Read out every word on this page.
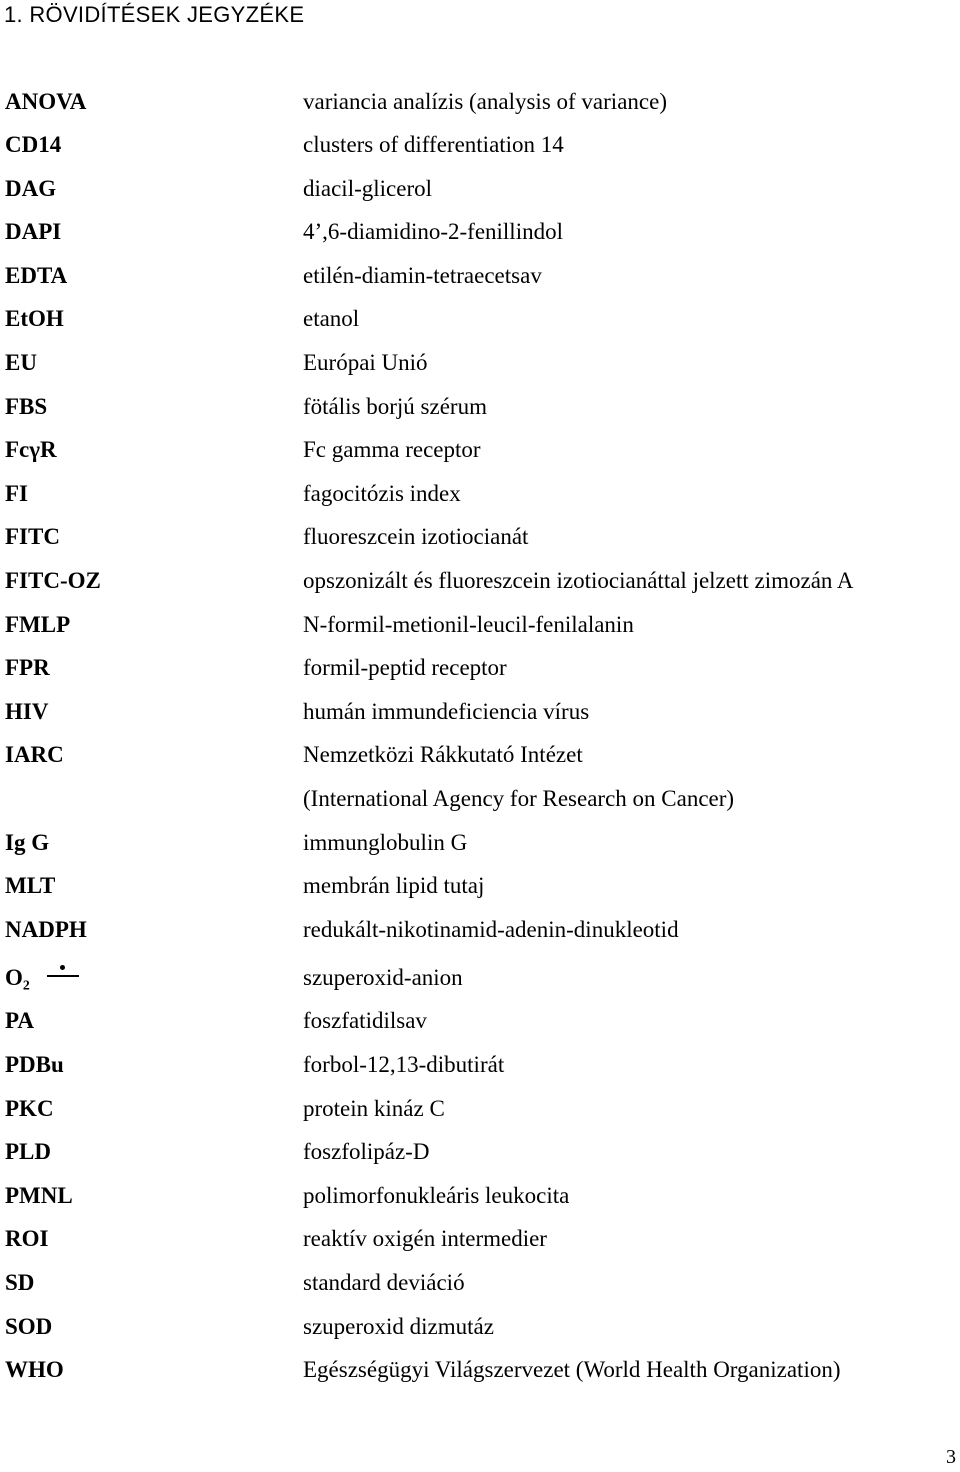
1. RÖVIDÍTÉSEK JEGYZÉKE
ANOVA	variancia analízis (analysis of variance)
CD14	clusters of differentiation 14
DAG	diacil-glicerol
DAPI	4’,6-diamidino-2-fenillindol
EDTA	etilén-diamin-tetraecetsav
EtOH	etanol
EU	Európai Unió
FBS	fötális borjú szérum
FcγR	Fc gamma receptor
FI	fagocitózis index
FITC	fluoreszcein izotiocianát
FITC-OZ	opszonizált és fluoreszcein izotiocianáttal jelzett zimozán A
FMLP	N-formil-metionil-leucil-fenilalanin
FPR	formil-peptid receptor
HIV	humán immundeficiencia vírus
IARC	Nemzetközi Rákkutató Intézet
(International Agency for Research on Cancer)
Ig G	immunglobulin G
MLT	membrán lipid tutaj
NADPH	redukált-nikotinamid-adenin-dinukleotid
O₂	szuperoxid-anion
PA	foszfatidilsav
PDBu	forbol-12,13-dibutirát
PKC	protein kináz C
PLD	foszfolipáz-D
PMNL	polimorfonukleáris leukocita
ROI	reaktív oxigén intermedier
SD	standard deviáció
SOD	szuperoxid dizmutáz
WHO	Egészségügyi Világszervezet (World Health Organization)
3
